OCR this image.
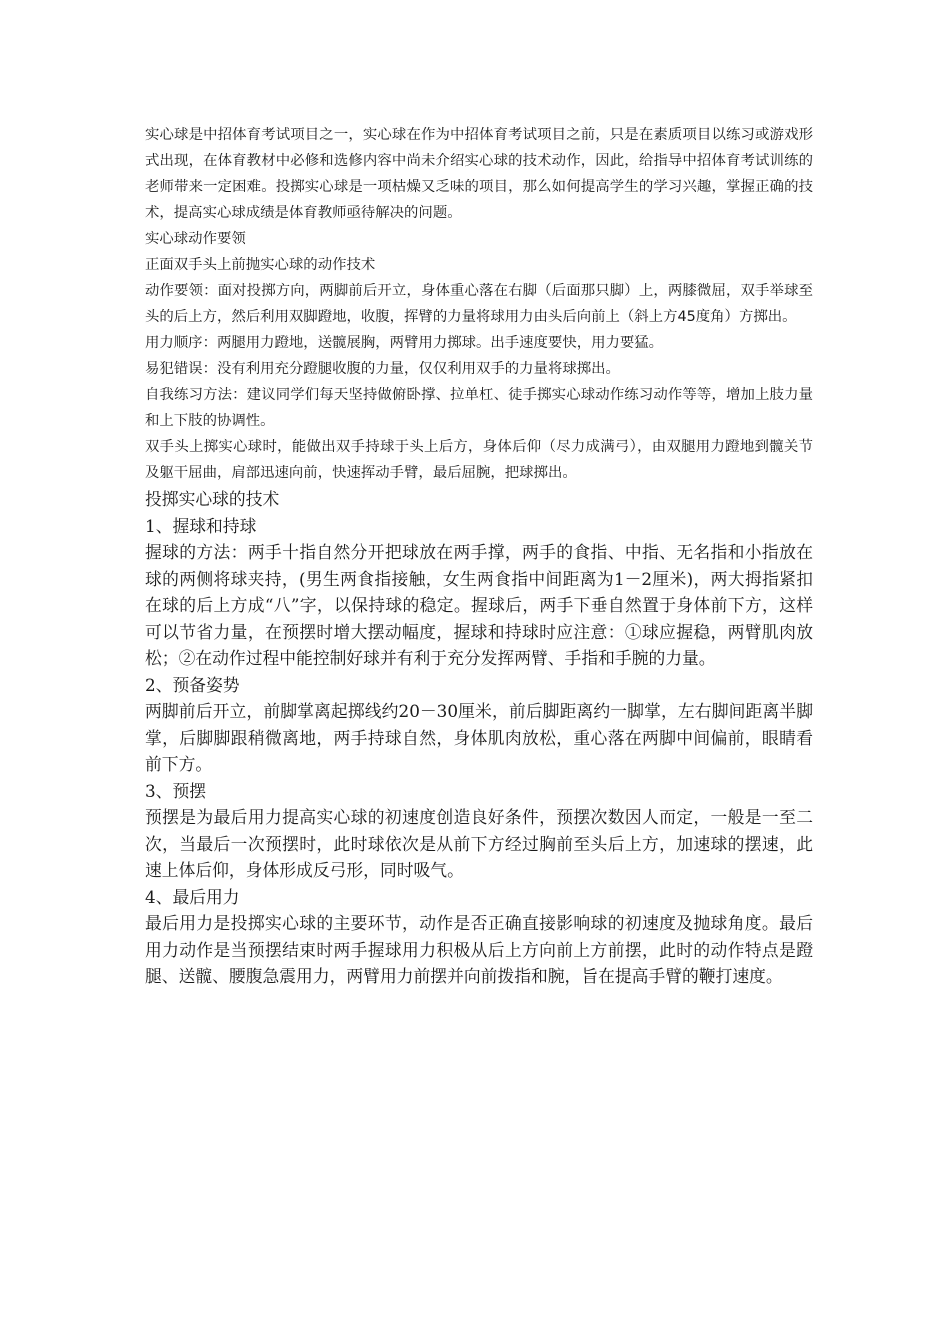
实心球是中招体育考试项目之一，实心球在作为中招体育考试项目之前，只是在素质项目以练习或游戏形式出现，在体育教材中必修和选修内容中尚未介绍实心球的技术动作，因此，给指导中招体育考试训练的老师带来一定困难。投掷实心球是一项枯燥又乏味的项目，那么如何提高学生的学习兴趣，掌握正确的技术，提高实心球成绩是体育教师亟待解决的问题。

实心球动作要领

正面双手头上前抛实心球的动作技术

动作要领：面对投掷方向，两脚前后开立，身体重心落在右脚（后面那只脚）上，两膝微屈，双手举球至头的后上方，然后利用双脚蹬地，收腹，挥臂的力量将球用力由头后向前上（斜上方45度角）方掷出。

用力顺序：两腿用力蹬地，送髋展胸，两臂用力掷球。出手速度要快，用力要猛。

易犯错误：没有利用充分蹬腿收腹的力量，仅仅利用双手的力量将球掷出。

自我练习方法：建议同学们每天坚持做俯卧撑、拉单杠、徒手掷实心球动作练习动作等等，增加上肢力量和上下肢的协调性。

双手头上掷实心球时，能做出双手持球于头上后方，身体后仰（尽力成满弓），由双腿用力蹬地到髋关节及躯干屈曲，肩部迅速向前，快速挥动手臂，最后屈腕，把球掷出。

投掷实心球的技术

1、握球和持球

握球的方法：两手十指自然分开把球放在两手撑，两手的食指、中指、无名指和小指放在球的两侧将球夹持，(男生两食指接触，女生两食指中间距离为1－2厘米)，两大拇指紧扣在球的后上方成“八”字，以保持球的稳定。握球后，两手下垂自然置于身体前下方，这样可以节省力量，在预摆时增大摆动幅度，握球和持球时应注意：①球应握稳，两臂肌肉放松；②在动作过程中能控制好球并有利于充分发挥两臂、手指和手腕的力量。

2、预备姿势

两脚前后开立，前脚掌离起掷线约20－30厘米，前后脚距离约一脚掌，左右脚间距离半脚掌，后脚脚跟稍微离地，两手持球自然，身体肌肉放松，重心落在两脚中间偏前，眼睛看前下方。

3、预摆

预摆是为最后用力提高实心球的初速度创造良好条件，预摆次数因人而定，一般是一至二次，当最后一次预摆时，此时球依次是从前下方经过胸前至头后上方，加速球的摆速，此速上体后仰，身体形成反弓形，同时吸气。

4、最后用力

最后用力是投掷实心球的主要环节，动作是否正确直接影响球的初速度及抛球角度。最后用力动作是当预摆结束时两手握球用力积极从后上方向前上方前摆，此时的动作特点是蹬腿、送髋、腰腹急震用力，两臂用力前摆并向前拨指和腕，旨在提高手臂的鞭打速度。
